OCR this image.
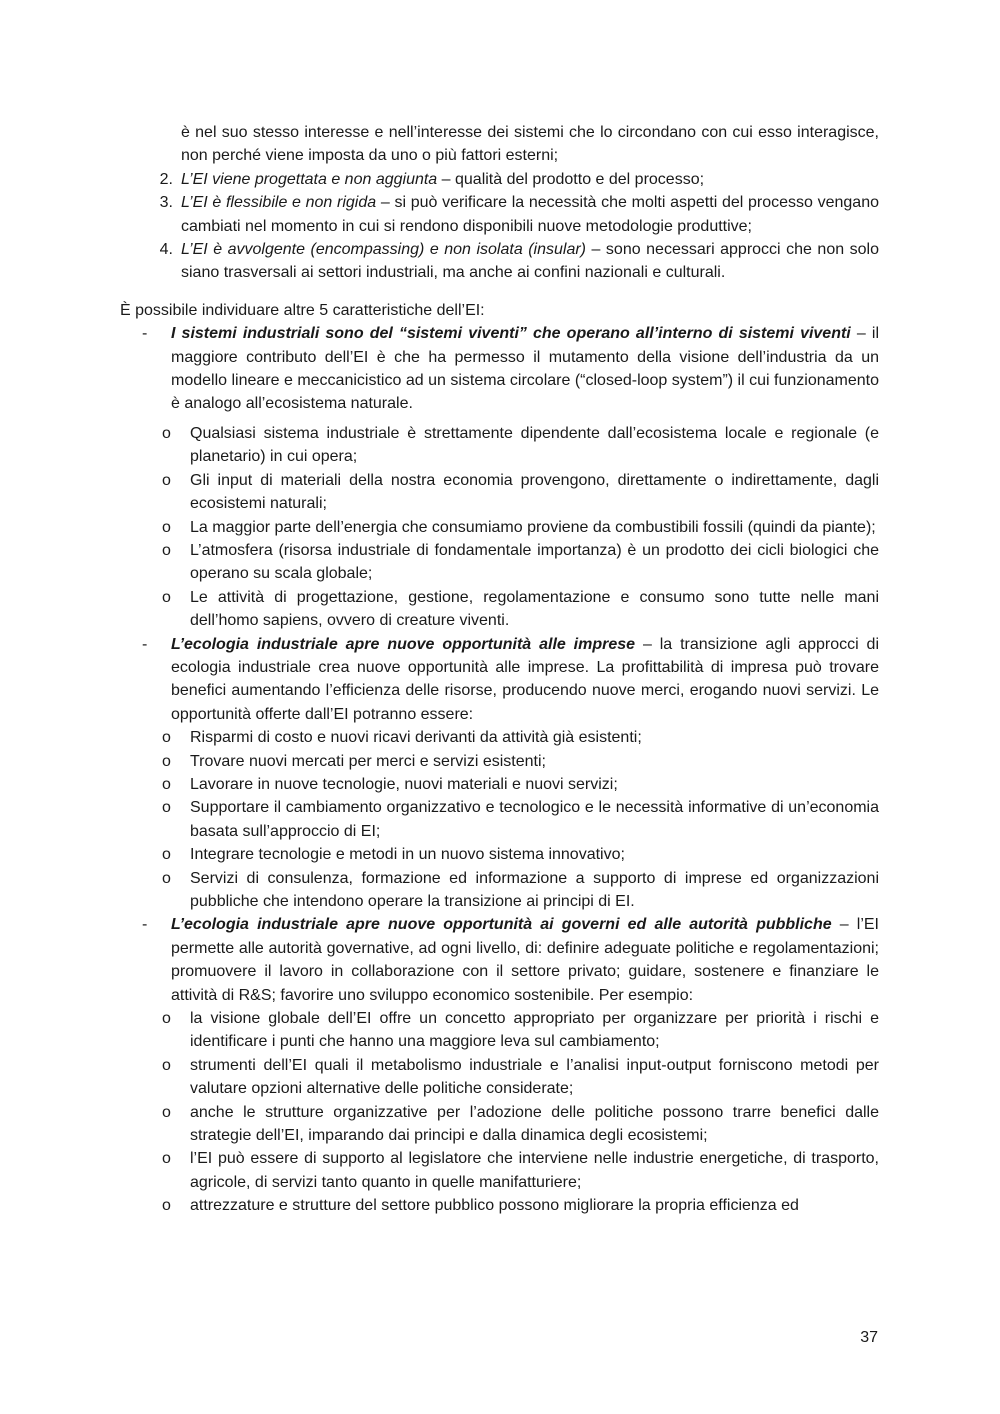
è nel suo stesso interesse e nell’interesse dei sistemi che lo circondano con cui esso interagisce, non perché viene imposta da uno o più fattori esterni;

2. L’EI viene progettata e non aggiunta – qualità del prodotto e del processo;
3. L’EI è flessibile e non rigida – si può verificare la necessità che molti aspetti del processo vengano cambiati nel momento in cui si rendono disponibili nuove metodologie produttive;
4. L’EI è avvolgente (encompassing) e non isolata (insular) – sono necessari approcci che non solo siano trasversali ai settori industriali, ma anche ai confini nazionali e culturali.

È possibile individuare altre 5 caratteristiche dell’EI:

- I sistemi industriali sono del “sistemi viventi” che operano all’interno di sistemi viventi – il maggiore contributo dell’EI è che ha permesso il mutamento della visione dell’industria da un modello lineare e meccanicistico ad un sistema circolare (“closed-loop system”) il cui funzionamento è analogo all’ecosistema naturale.
o Qualsiasi sistema industriale è strettamente dipendente dall’ecosistema locale e regionale (e planetario) in cui opera;
o Gli input di materiali della nostra economia provengono, direttamente o indirettamente, dagli ecosistemi naturali;
o La maggior parte dell’energia che consumiamo proviene da combustibili fossili (quindi da piante);
o L’atmosfera (risorsa industriale di fondamentale importanza) è un prodotto dei cicli biologici che operano su scala globale;
o Le attività di progettazione, gestione, regolamentazione e consumo sono tutte nelle mani dell’homo sapiens, ovvero di creature viventi.
- L’ecologia industriale apre nuove opportunità alle imprese – la transizione agli approcci di ecologia industriale crea nuove opportunità alle imprese. La profittabilità di impresa può trovare benefici aumentando l’efficienza delle risorse, producendo nuove merci, erogando nuovi servizi. Le opportunità offerte dall’EI potranno essere:
o Risparmi di costo e nuovi ricavi derivanti da attività già esistenti;
o Trovare nuovi mercati per merci e servizi esistenti;
o Lavorare in nuove tecnologie, nuovi materiali e nuovi servizi;
o Supportare il cambiamento organizzativo e tecnologico e le necessità informative di un’economia basata sull’approccio di EI;
o Integrare tecnologie e metodi in un nuovo sistema innovativo;
o Servizi di consulenza, formazione ed informazione a supporto di imprese ed organizzazioni pubbliche che intendono operare la transizione ai principi di EI.
- L’ecologia industriale apre nuove opportunità ai governi ed alle autorità pubbliche – l’EI permette alle autorità governative, ad ogni livello, di: definire adeguate politiche e regolamentazioni; promuovere il lavoro in collaborazione con il settore privato; guidare, sostenere e finanziare le attività di R&S; favorire uno sviluppo economico sostenibile. Per esempio:
o la visione globale dell’EI offre un concetto appropriato per organizzare per priorità i rischi e identificare i punti che hanno una maggiore leva sul cambiamento;
o strumenti dell’EI quali il metabolismo industriale e l’analisi input-output forniscono metodi per valutare opzioni alternative delle politiche considerate;
o anche le strutture organizzative per l’adozione delle politiche possono trarre benefici dalle strategie dell’EI, imparando dai principi e dalla dinamica degli ecosistemi;
o l’EI può essere di supporto al legislatore che interviene nelle industrie energetiche, di trasporto, agricole, di servizi tanto quanto in quelle manifatturiere;
o attrezzature e strutture del settore pubblico possono migliorare la propria efficienza ed
37
